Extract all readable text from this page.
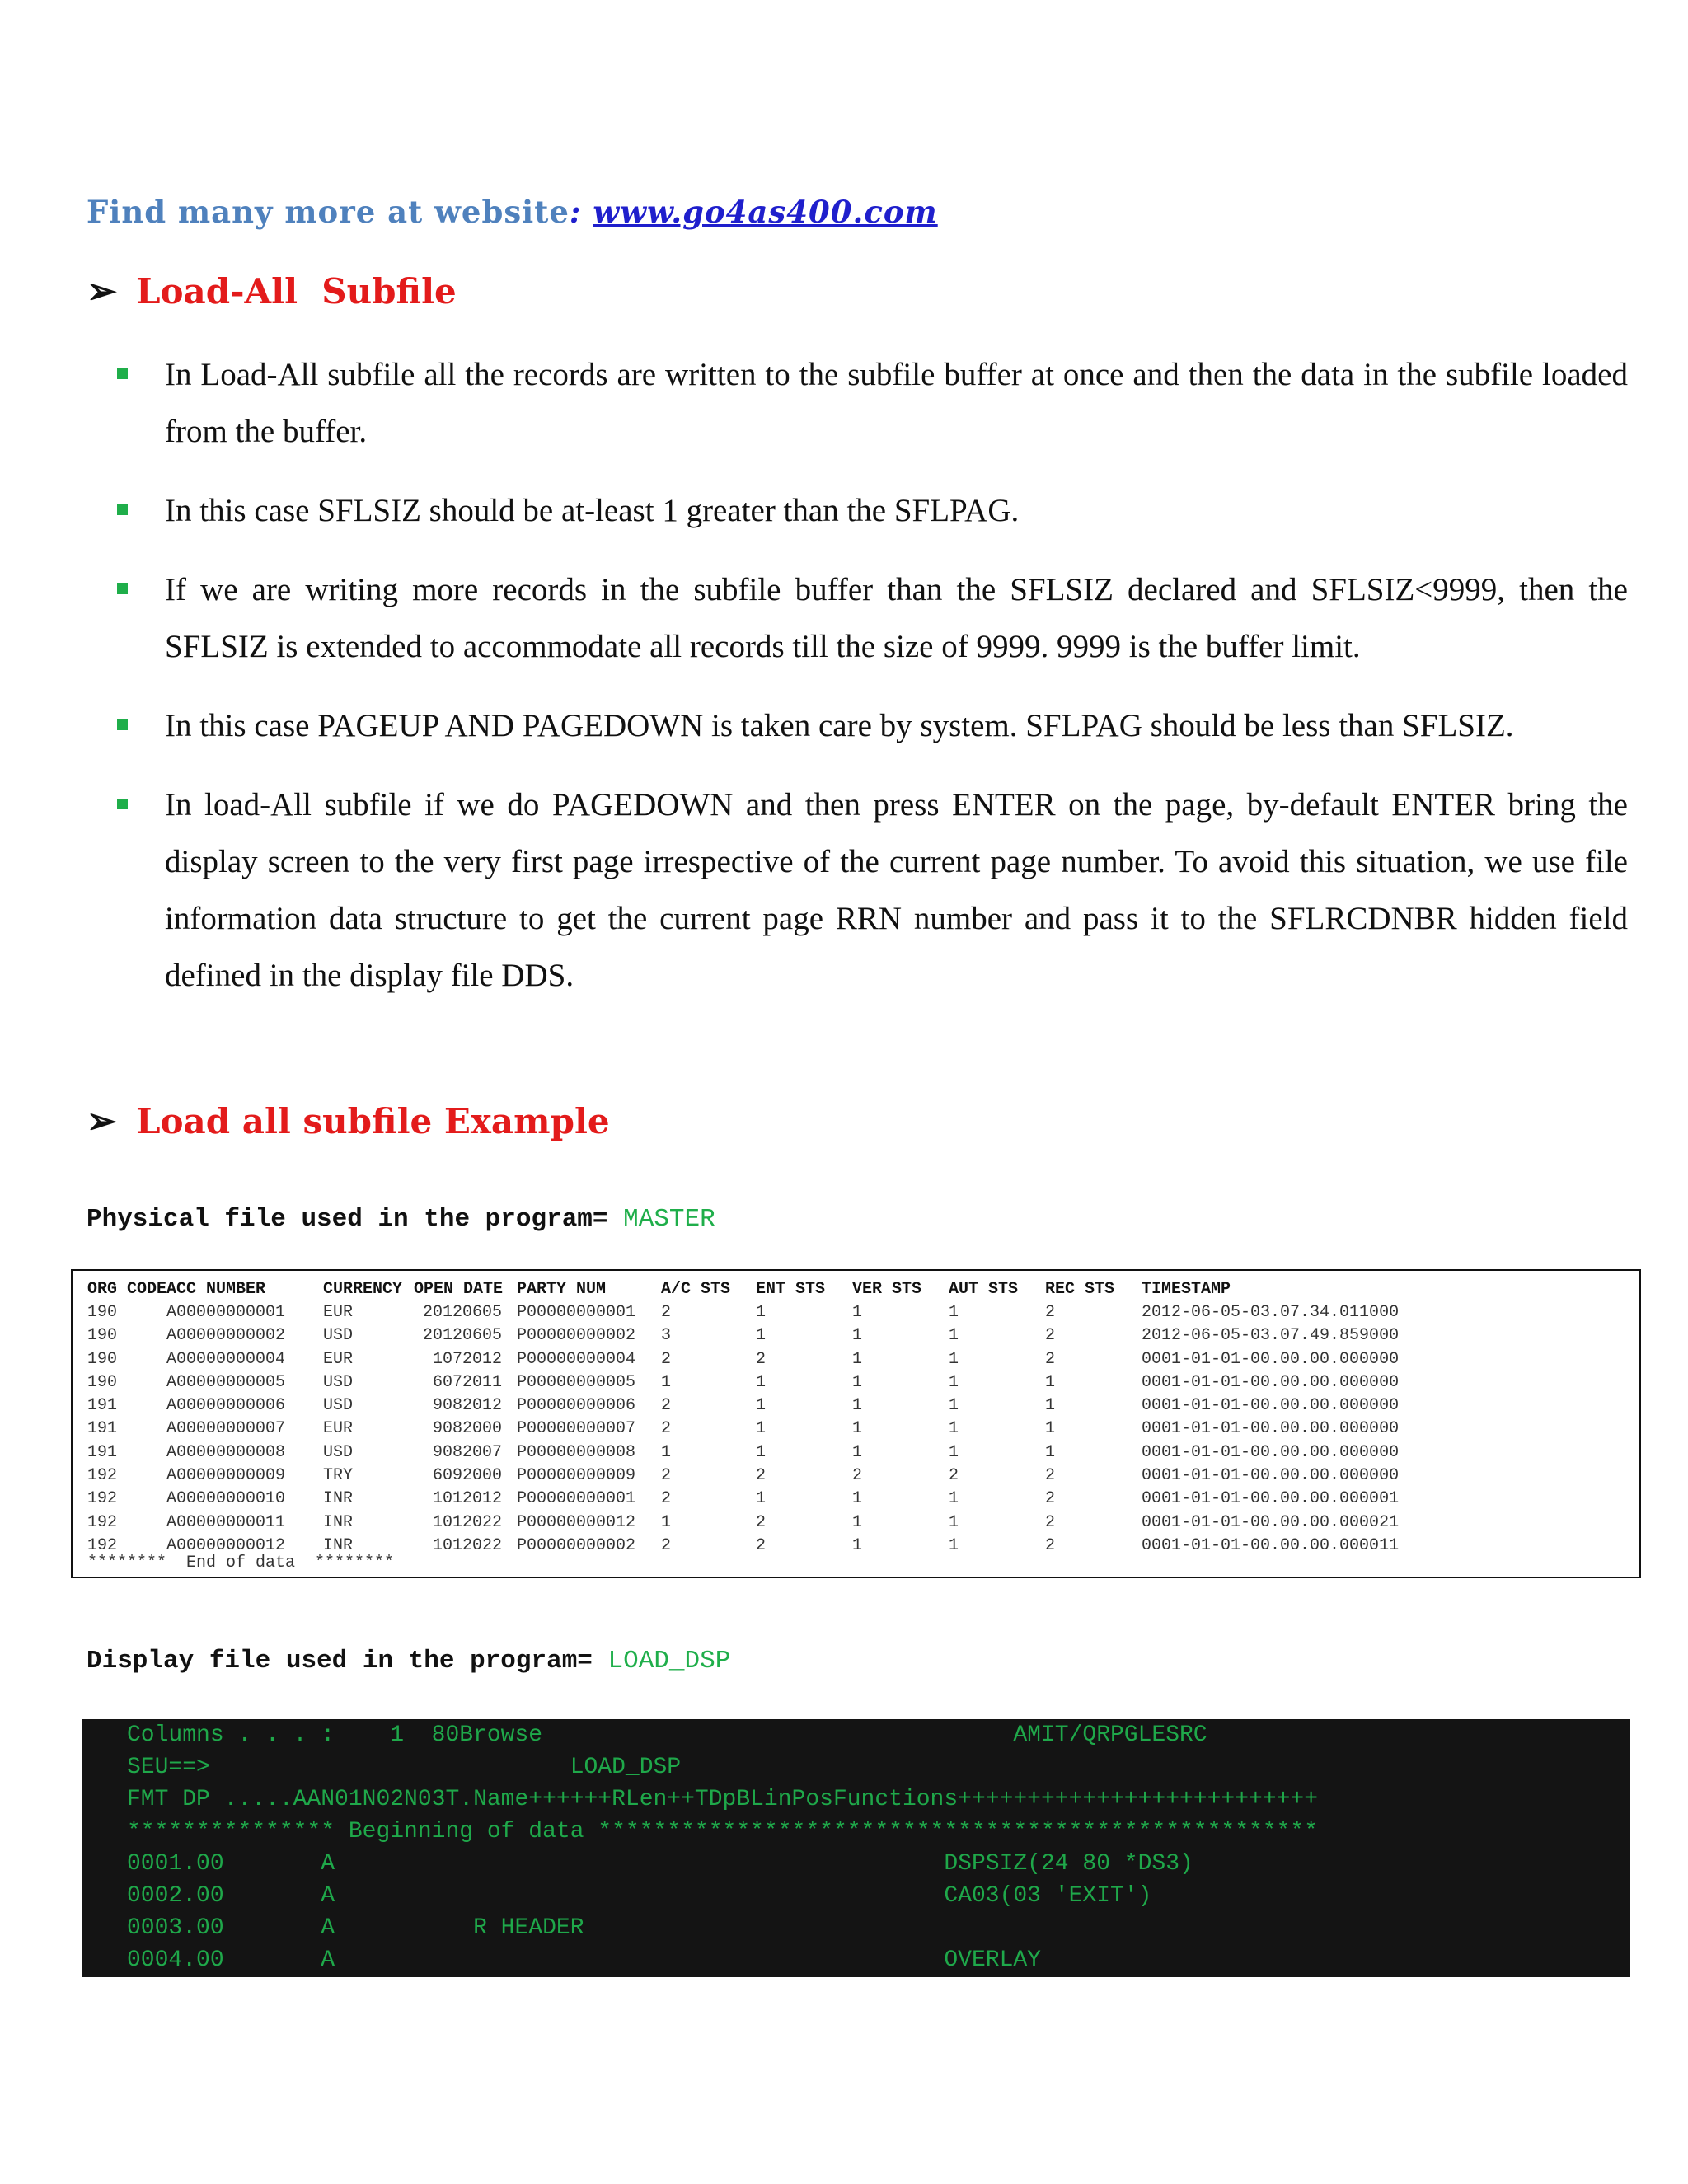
Find many more at website: www.go4as400.com
➢ Load-All  Subfile
In Load-All subfile all the records are written to the subfile buffer at once and then the data in the subfile loaded from the buffer.
In this case SFLSIZ should be at-least 1 greater than the SFLPAG.
If we are writing more records in the subfile buffer than the SFLSIZ declared and SFLSIZ<9999, then the SFLSIZ is extended to accommodate all records till the size of 9999. 9999 is the buffer limit.
In this case PAGEUP AND PAGEDOWN is taken care by system. SFLPAG should be less than SFLSIZ.
In load-All subfile if we do PAGEDOWN and then press ENTER on the page, by-default ENTER bring the display screen to the very first page irrespective of the current page number. To avoid this situation, we use file information data structure to get the current page RRN number and pass it to the SFLRCDNBR hidden field defined in the display file DDS.
➢ Load all subfile Example
Physical file used in the program= MASTER
ORG CODE	ACC NUMBER	CURRENCY	OPEN DATE	PARTY NUM	A/C STS	ENT STS	VER STS	AUT STS	REC STS	TIMESTAMP
190	A00000000001	EUR	20120605	P00000000001	2	1	1	1	2	2012-06-05-03.07.34.011000
190	A00000000002	USD	20120605	P00000000002	3	1	1	1	2	2012-06-05-03.07.49.859000
190	A00000000004	EUR	1072012	P00000000004	2	2	1	1	2	0001-01-01-00.00.00.000000
190	A00000000005	USD	6072011	P00000000005	1	1	1	1	1	0001-01-01-00.00.00.000000
191	A00000000006	USD	9082012	P00000000006	2	1	1	1	1	0001-01-01-00.00.00.000000
191	A00000000007	EUR	9082000	P00000000007	2	1	1	1	1	0001-01-01-00.00.00.000000
191	A00000000008	USD	9082007	P00000000008	1	1	1	1	1	0001-01-01-00.00.00.000000
192	A00000000009	TRY	6092000	P00000000009	2	2	2	2	2	0001-01-01-00.00.00.000000
192	A00000000010	INR	1012012	P00000000001	2	1	1	1	2	0001-01-01-00.00.00.000001
192	A00000000011	INR	1012022	P00000000012	1	2	1	1	2	0001-01-01-00.00.00.000021
192	A00000000012	INR	1012022	P00000000002	2	2	1	1	2	0001-01-01-00.00.00.000011
********  End of data  ********
Display file used in the program= LOAD_DSP
Columns . . . :    1  80Browse                                  AMIT/QRPGLESRC
SEU==>                          LOAD_DSP
FMT DP .....AAN01N02N03T.Name++++++RLen++TDpBLinPosFunctions++++++++++++++++++++++++++
*************** Beginning of data ****************************************************
0001.00       A                                            DSPSIZ(24 80 *DS3)
0002.00       A                                            CA03(03 'EXIT')
0003.00       A          R HEADER
0004.00       A                                            OVERLAY
